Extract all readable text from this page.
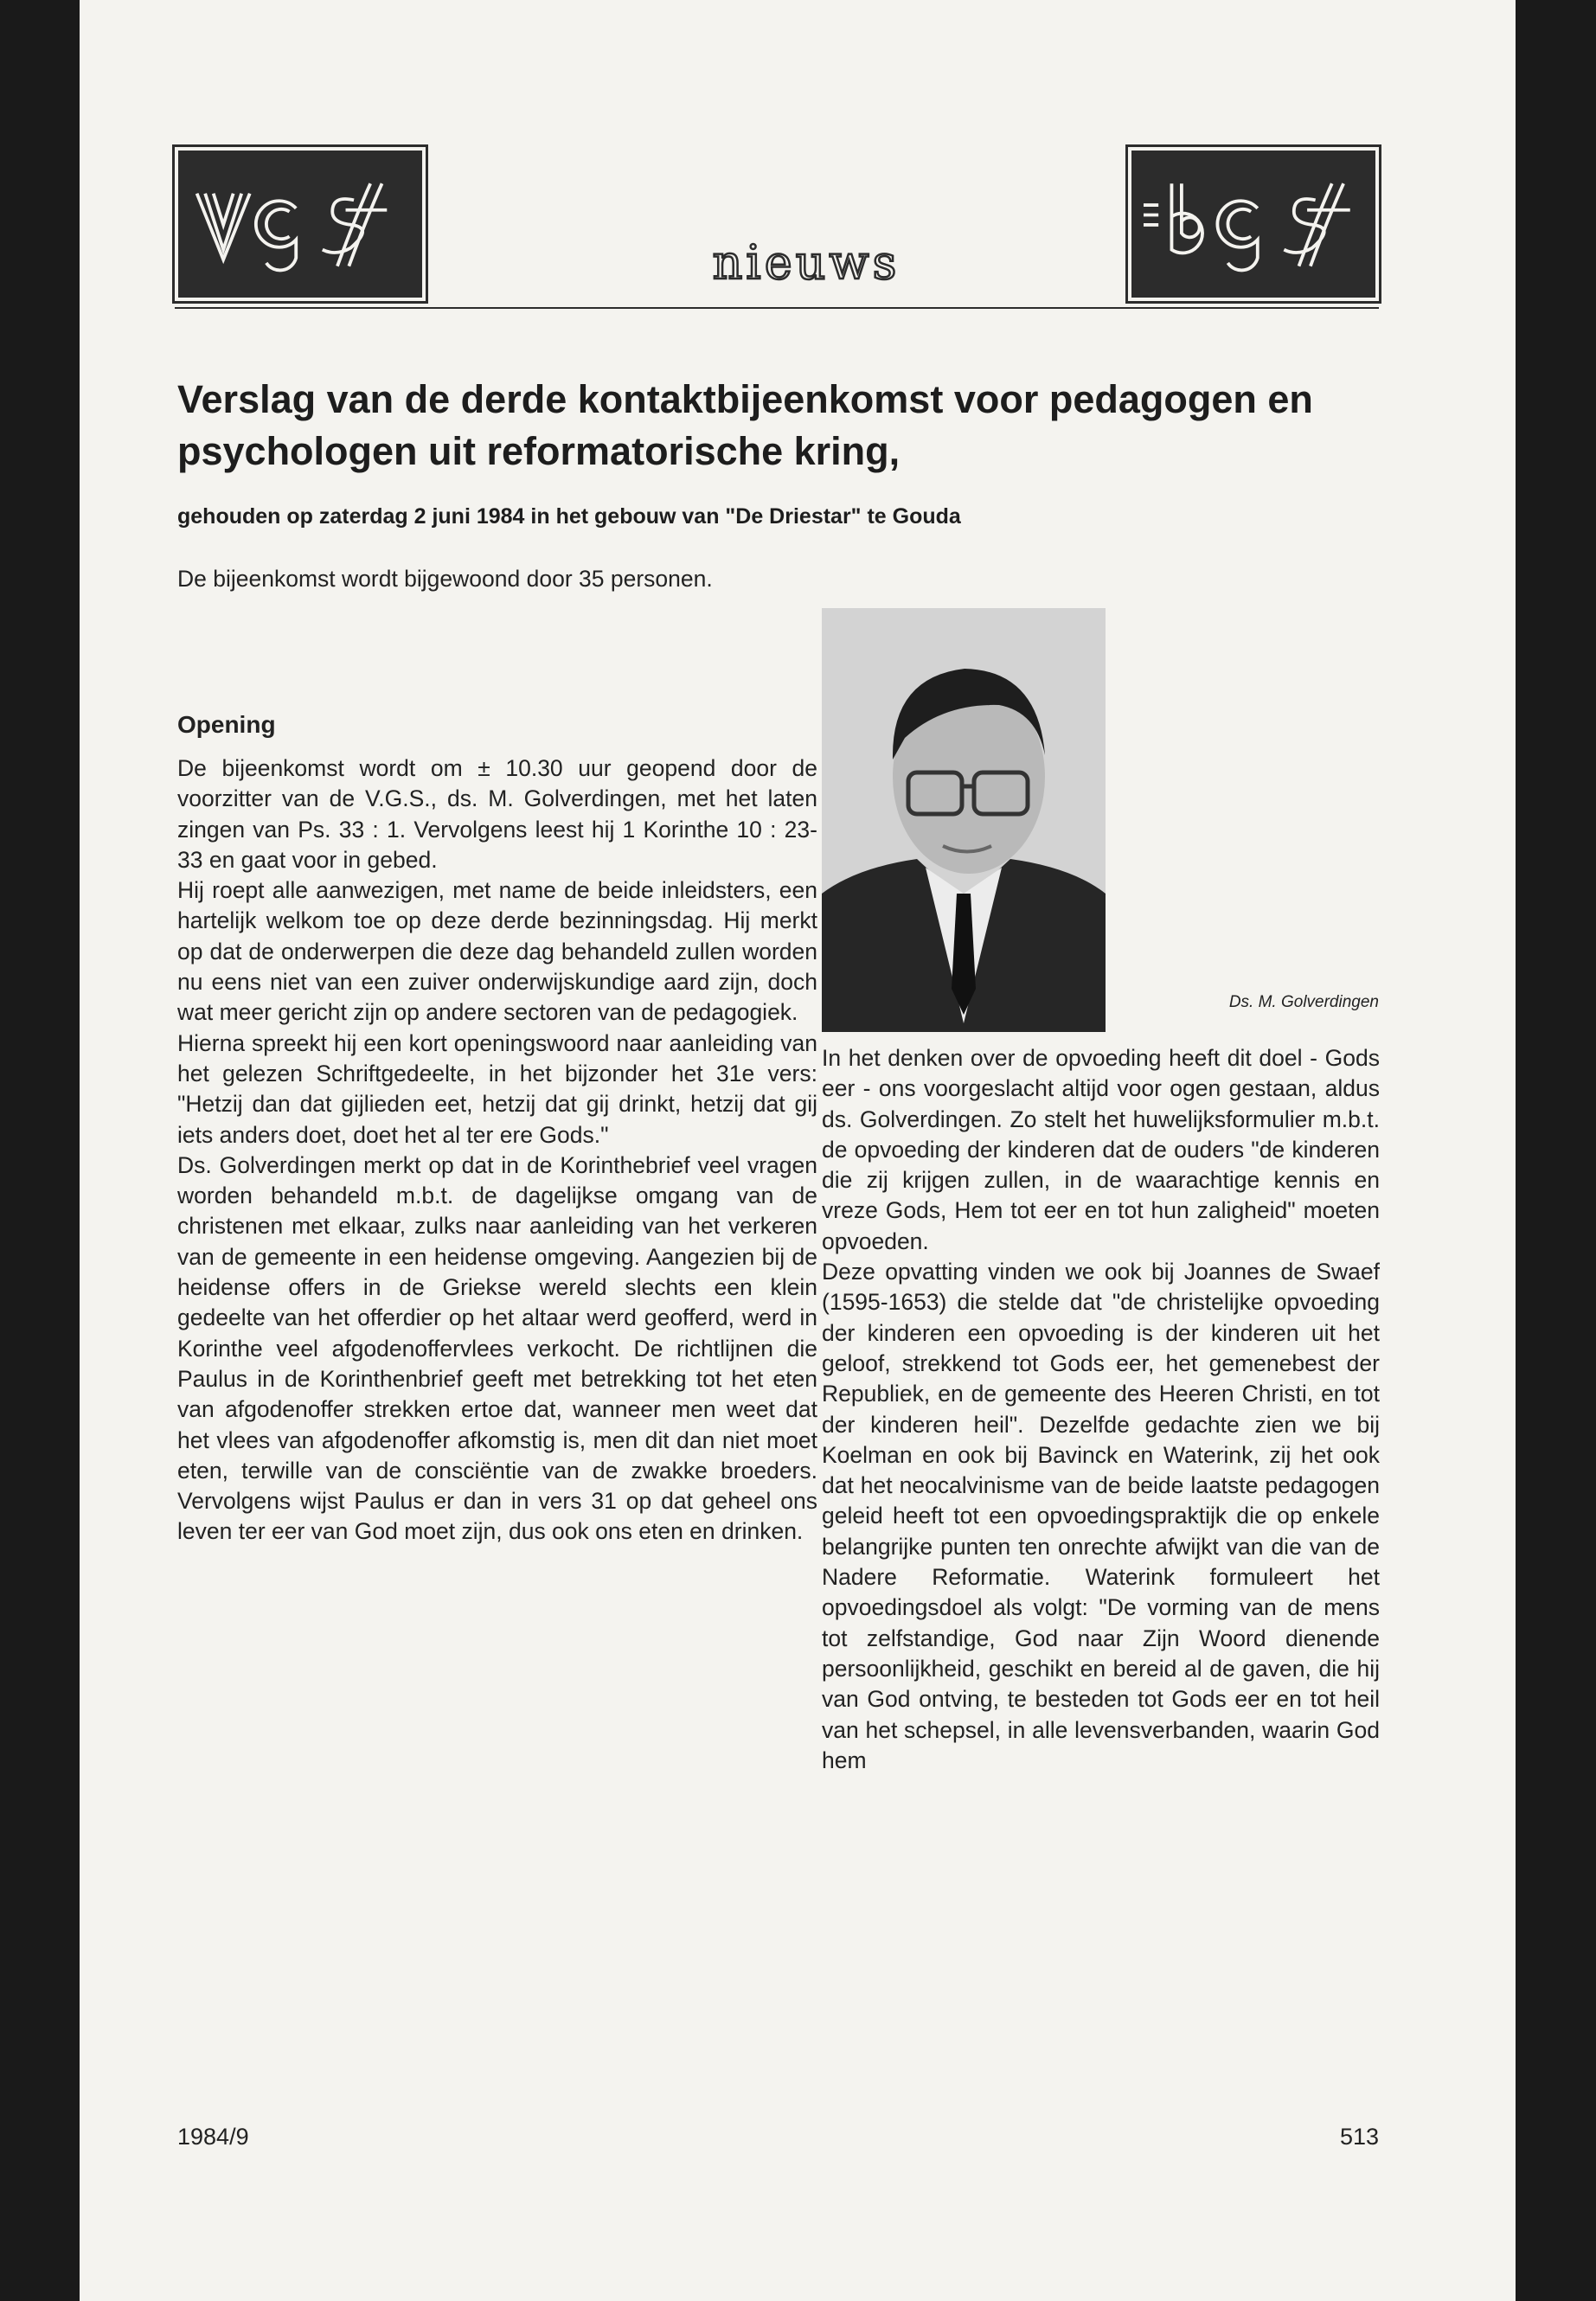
vgs	bgs
nieuws
Verslag van de derde kontaktbijeenkomst voor pedagogen en psychologen uit reformatorische kring,

gehouden op zaterdag 2 juni 1984 in het gebouw van "De Driestar" te Gouda

De bijeenkomst wordt bijgewoond door 35 personen.
Opening

De bijeenkomst wordt om ± 10.30 uur geopend door de voorzitter van de V.G.S., ds. M. Golverdingen, met het laten zingen van Ps. 33 : 1. Vervolgens leest hij 1 Korinthe 10 : 23-33 en gaat voor in gebed.

Hij roept alle aanwezigen, met name de beide inleidsters, een hartelijk welkom toe op deze derde bezinningsdag. Hij merkt op dat de onderwerpen die deze dag behandeld zullen worden nu eens niet van een zuiver onderwijskundige aard zijn, doch wat meer gericht zijn op andere sectoren van de pedagogiek.

Hierna spreekt hij een kort openingswoord naar aanleiding van het gelezen Schriftgedeelte, in het bijzonder het 31e vers: "Hetzij dan dat gijlieden eet, hetzij dat gij drinkt, hetzij dat gij iets anders doet, doet het al ter ere Gods."

Ds. Golverdingen merkt op dat in de Korinthebrief veel vragen worden behandeld m.b.t. de dagelijkse omgang van de christenen met elkaar, zulks naar aanleiding van het verkeren van de gemeente in een heidense omgeving. Aangezien bij de heidense offers in de Griekse wereld slechts een klein gedeelte van het offerdier op het altaar werd geofferd, werd in Korinthe veel afgodenoffervlees verkocht. De richtlijnen die Paulus in de Korinthenbrief geeft met betrekking tot het eten van afgodenoffer strekken ertoe dat, wanneer men weet dat het vlees van afgodenoffer afkomstig is, men dit dan niet moet eten, terwille van de consciëntie van de zwakke broeders. Vervolgens wijst Paulus er dan in vers 31 op dat geheel ons leven ter eer van God moet zijn, dus ook ons eten en drinken.

Ds. M. Golverdingen

In het denken over de opvoeding heeft dit doel - Gods eer - ons voorgeslacht altijd voor ogen gestaan, aldus ds. Golverdingen. Zo stelt het huwelijksformulier m.b.t. de opvoeding der kinderen dat de ouders "de kinderen die zij krijgen zullen, in de waarachtige kennis en vreze Gods, Hem tot eer en tot hun zaligheid" moeten opvoeden.

Deze opvatting vinden we ook bij Joannes de Swaef (1595-1653) die stelde dat "de christelijke opvoeding der kinderen een opvoeding is der kinderen uit het geloof, strekkend tot Gods eer, het gemenebest der Republiek, en de gemeente des Heeren Christi, en tot der kinderen heil". Dezelfde gedachte zien we bij Koelman en ook bij Bavinck en Waterink, zij het ook dat het neocalvinisme van de beide laatste pedagogen geleid heeft tot een opvoedingspraktijk die op enkele belangrijke punten ten onrechte afwijkt van die van de Nadere Reformatie. Waterink formuleert het opvoedingsdoel als volgt: "De vorming van de mens tot zelfstandige, God naar Zijn Woord dienende persoonlijkheid, geschikt en bereid al de gaven, die hij van God ontving, te besteden tot Gods eer en tot heil van het schepsel, in alle levensverbanden, waarin God hem

1984/9	513
